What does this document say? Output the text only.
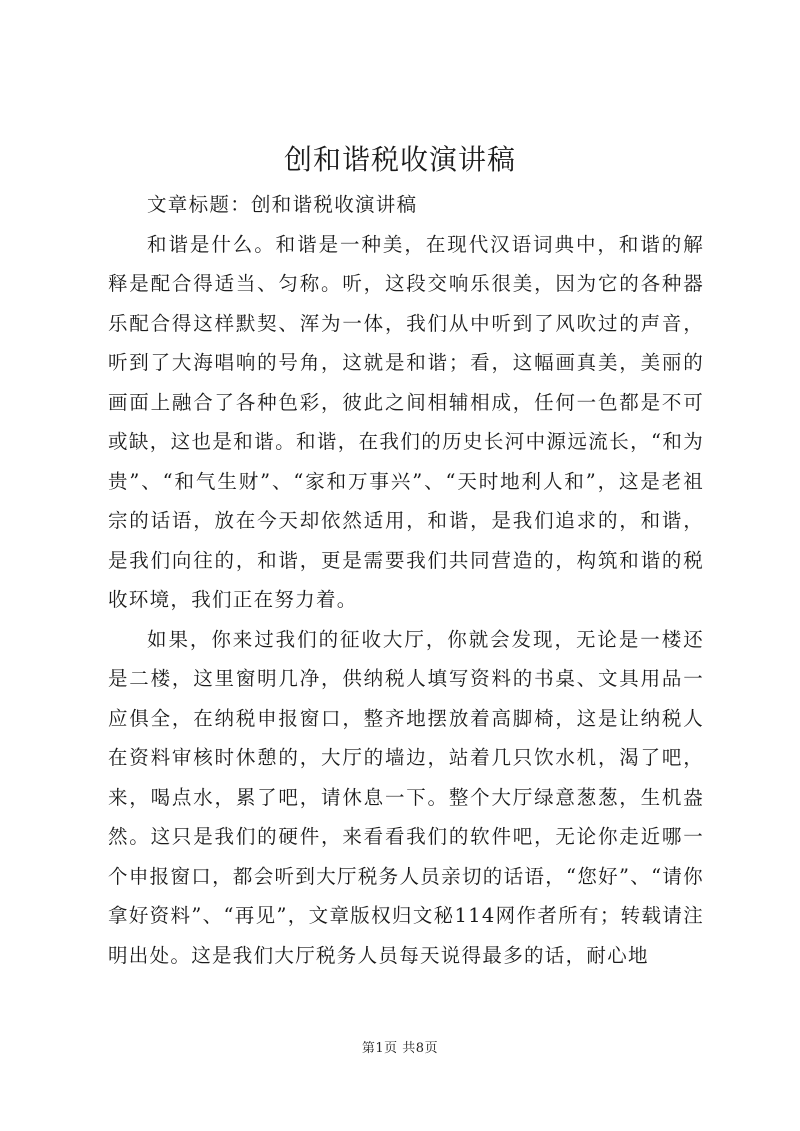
创和谐税收演讲稿

文章标题：创和谐税收演讲稿

和谐是什么。和谐是一种美，在现代汉语词典中，和谐的解释是配合得适当、匀称。听，这段交响乐很美，因为它的各种器乐配合得这样默契、浑为一体，我们从中听到了风吹过的声音，听到了大海唱响的号角，这就是和谐；看，这幅画真美，美丽的画面上融合了各种色彩，彼此之间相辅相成，任何一色都是不可或缺，这也是和谐。和谐，在我们的历史长河中源远流长，“和为贵”、“和气生财”、“家和万事兴”、“天时地利人和”，这是老祖宗的话语，放在今天却依然适用，和谐，是我们追求的，和谐，是我们向往的，和谐，更是需要我们共同营造的，构筑和谐的税收环境，我们正在努力着。

如果，你来过我们的征收大厅，你就会发现，无论是一楼还是二楼，这里窗明几净，供纳税人填写资料的书桌、文具用品一应俱全，在纳税申报窗口，整齐地摆放着高脚椅，这是让纳税人在资料审核时休憩的，大厅的墙边，站着几只饮水机，渴了吧，来，喝点水，累了吧，请休息一下。整个大厅绿意葱葱，生机盎然。这只是我们的硬件，来看看我们的软件吧，无论你走近哪一个申报窗口，都会听到大厅税务人员亲切的话语，“您好”、“请你拿好资料”、“再见”，文章版权归文秘114网作者所有；转载请注明出处。这是我们大厅税务人员每天说得最多的话，耐心地

第1页 共8页
